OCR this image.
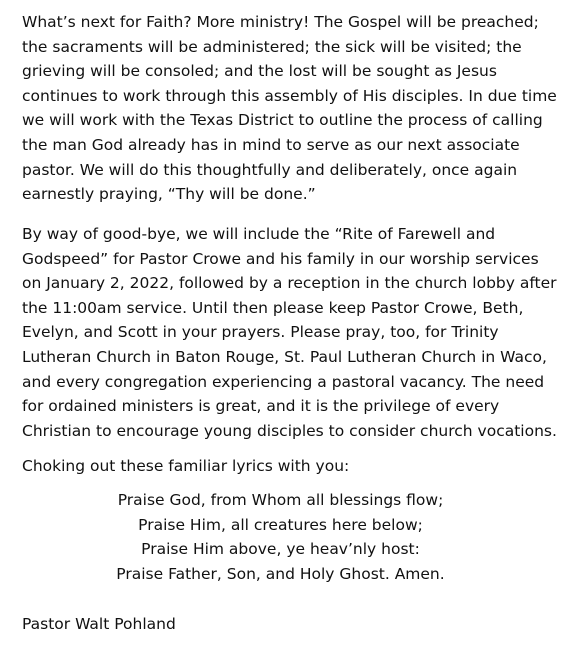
What’s next for Faith? More ministry! The Gospel will be preached;
the sacraments will be administered; the sick will be visited; the
grieving will be consoled; and the lost will be sought as Jesus
continues to work through this assembly of His disciples. In due time
we will work with the Texas District to outline the process of calling
the man God already has in mind to serve as our next associate
pastor. We will do this thoughtfully and deliberately, once again
earnestly praying, “Thy will be done.”

By way of good-bye, we will include the “Rite of Farewell and
Godspeed” for Pastor Crowe and his family in our worship services
on January 2, 2022, followed by a reception in the church lobby after
the 11:00am service. Until then please keep Pastor Crowe, Beth,
Evelyn, and Scott in your prayers. Please pray, too, for Trinity
Lutheran Church in Baton Rouge, St. Paul Lutheran Church in Waco,
and every congregation experiencing a pastoral vacancy. The need
for ordained ministers is great, and it is the privilege of every
Christian to encourage young disciples to consider church vocations.

Choking out these familiar lyrics with you:

Praise God, from Whom all blessings flow;
Praise Him, all creatures here below;
Praise Him above, ye heav’nly host:
Praise Father, Son, and Holy Ghost. Amen.
Pastor Walt Pohland
